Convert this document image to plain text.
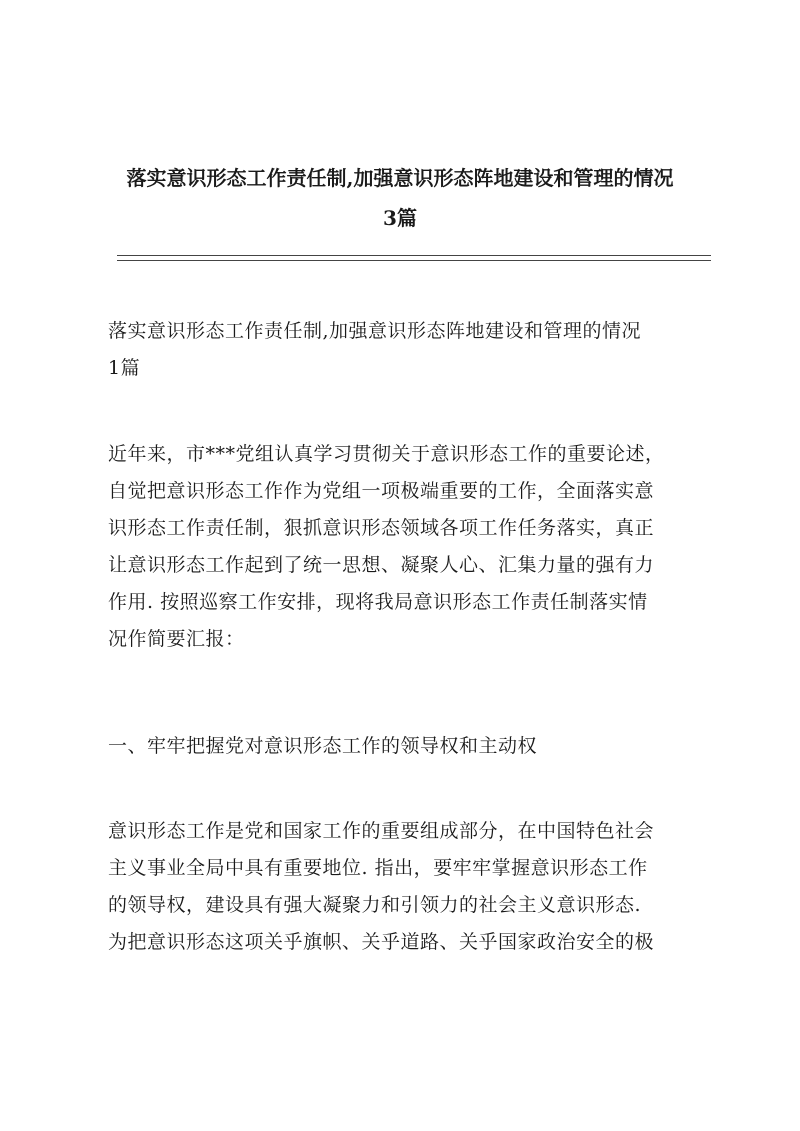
落实意识形态工作责任制,加强意识形态阵地建设和管理的情况
3篇
落实意识形态工作责任制,加强意识形态阵地建设和管理的情况
1篇
近年来，市***党组认真学习贯彻关于意识形态工作的重要论述，
自觉把意识形态工作作为党组一项极端重要的工作，全面落实意
识形态工作责任制，狠抓意识形态领域各项工作任务落实，真正
让意识形态工作起到了统一思想、凝聚人心、汇集力量的强有力
作用. 按照巡察工作安排，现将我局意识形态工作责任制落实情
况作简要汇报：
一、牢牢把握党对意识形态工作的领导权和主动权
意识形态工作是党和国家工作的重要组成部分，在中国特色社会
主义事业全局中具有重要地位. 指出，要牢牢掌握意识形态工作
的领导权，建设具有强大凝聚力和引领力的社会主义意识形态.
为把意识形态这项关乎旗帜、关乎道路、关乎国家政治安全的极
